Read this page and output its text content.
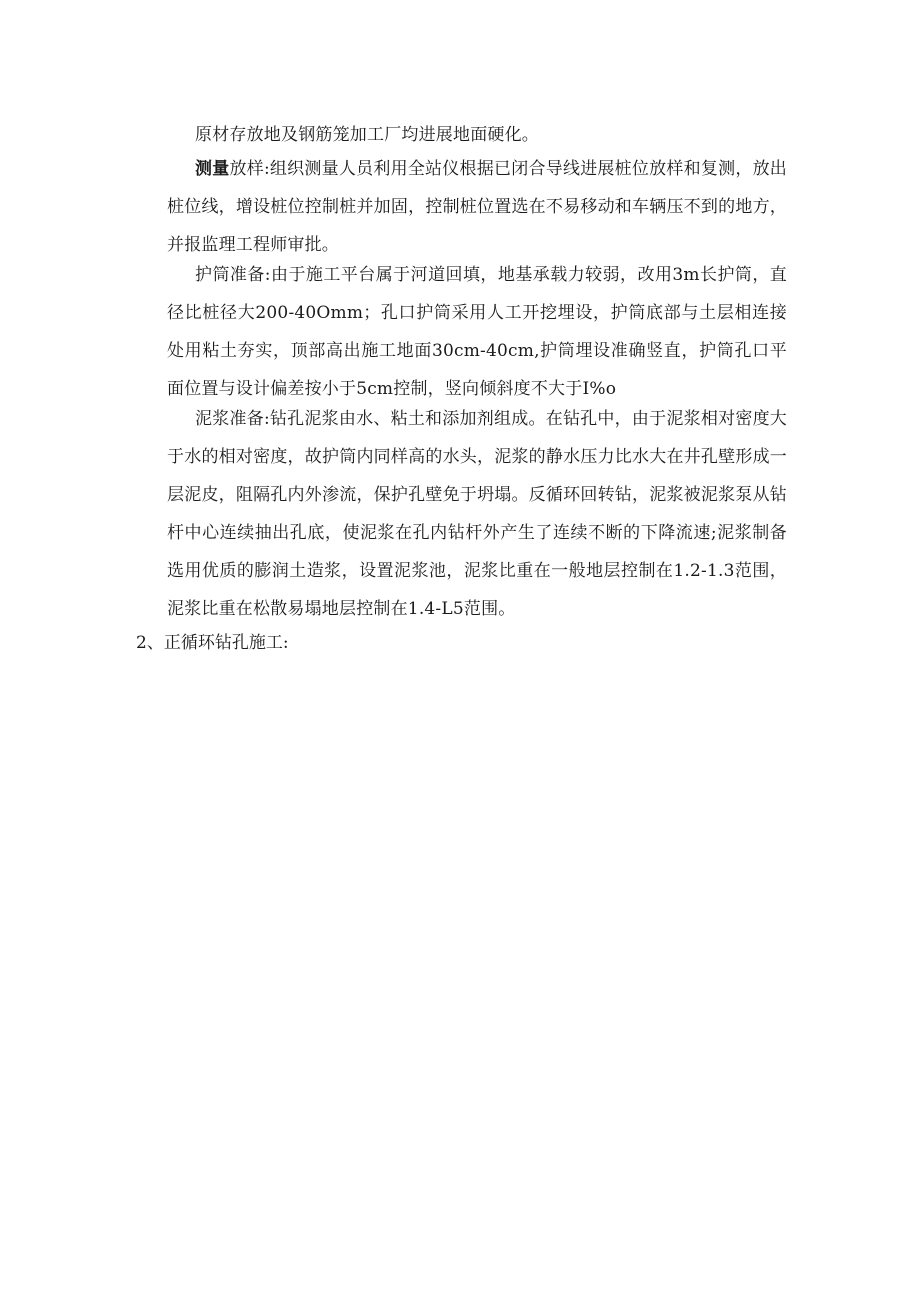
原材存放地及钢筋笼加工厂均进展地面硬化。
测量放样:组织测量人员利用全站仪根据已闭合导线进展桩位放样和复测，放出桩位线，增设桩位控制桩并加固，控制桩位置选在不易移动和车辆压不到的地方，并报监理工程师审批。
护筒准备:由于施工平台属于河道回填，地基承载力较弱，改用3m长护筒，直径比桩径大200-40Omm；孔口护筒采用人工开挖埋设，护筒底部与土层相连接处用粘土夯实，顶部高出施工地面30cm-40cm,护筒埋设准确竖直，护筒孔口平面位置与设计偏差按小于5cm控制，竖向倾斜度不大于I%o
泥浆准备:钻孔泥浆由水、粘土和添加剂组成。在钻孔中，由于泥浆相对密度大于水的相对密度，故护筒内同样高的水头，泥浆的静水压力比水大在井孔壁形成一层泥皮，阻隔孔内外渗流，保护孔壁免于坍塌。反循环回转钻，泥浆被泥浆泵从钻杆中心连续抽出孔底，使泥浆在孔内钻杆外产生了连续不断的下降流速;泥浆制备选用优质的膨润土造浆，设置泥浆池，泥浆比重在一般地层控制在1.2-1.3范围，泥浆比重在松散易塌地层控制在1.4-L5范围。
2、正循环钻孔施工:
